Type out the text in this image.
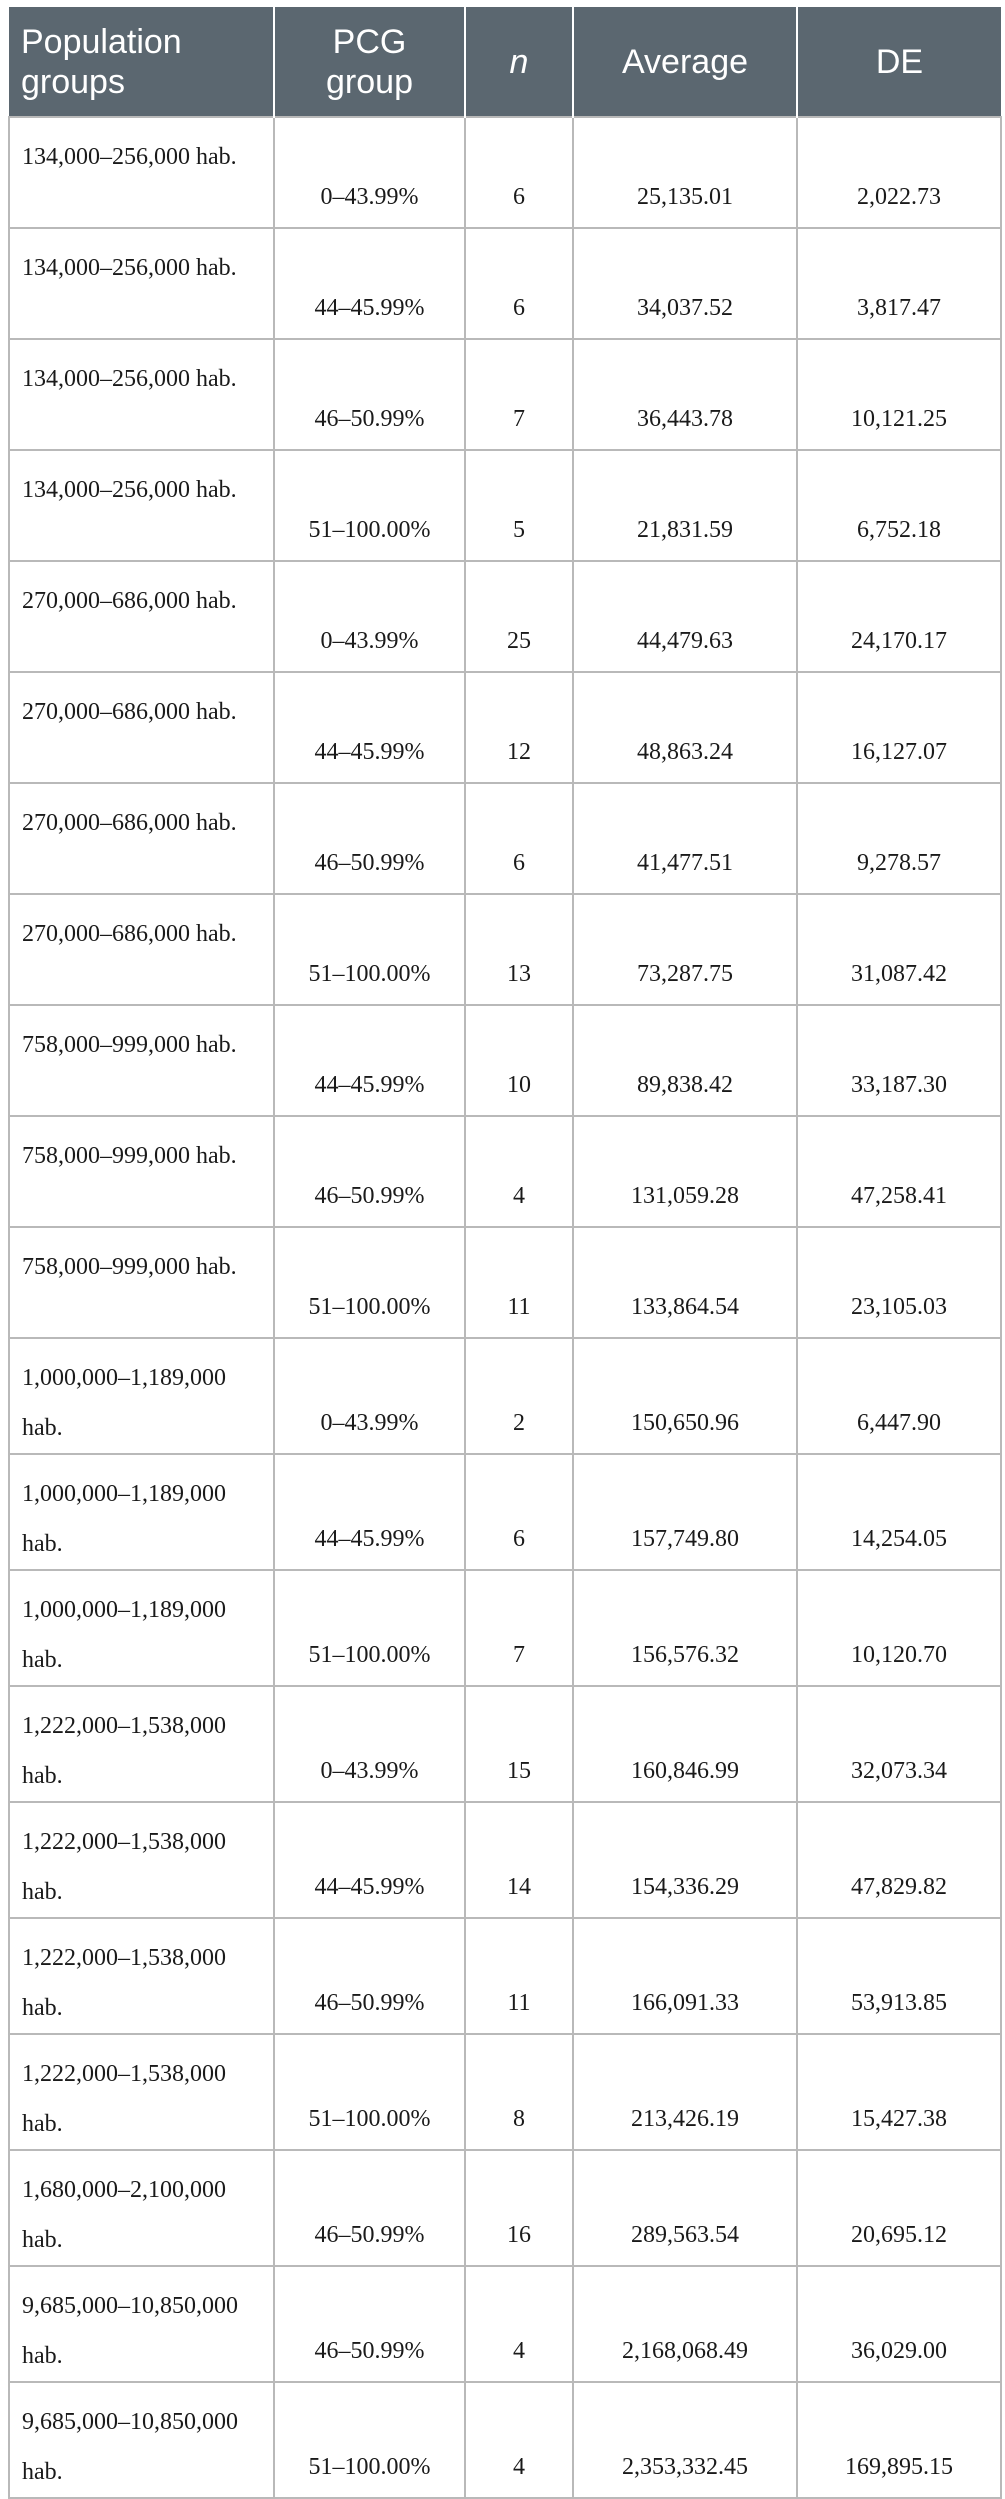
Population groups	PCG group	n	Average	DE
134,000–256,000 hab.	0–43.99%	6	25,135.01	2,022.73
134,000–256,000 hab.	44–45.99%	6	34,037.52	3,817.47
134,000–256,000 hab.	46–50.99%	7	36,443.78	10,121.25
134,000–256,000 hab.	51–100.00%	5	21,831.59	6,752.18
270,000–686,000 hab.	0–43.99%	25	44,479.63	24,170.17
270,000–686,000 hab.	44–45.99%	12	48,863.24	16,127.07
270,000–686,000 hab.	46–50.99%	6	41,477.51	9,278.57
270,000–686,000 hab.	51–100.00%	13	73,287.75	31,087.42
758,000–999,000 hab.	44–45.99%	10	89,838.42	33,187.30
758,000–999,000 hab.	46–50.99%	4	131,059.28	47,258.41
758,000–999,000 hab.	51–100.00%	11	133,864.54	23,105.03
1,000,000–1,189,000 hab.	0–43.99%	2	150,650.96	6,447.90
1,000,000–1,189,000 hab.	44–45.99%	6	157,749.80	14,254.05
1,000,000–1,189,000 hab.	51–100.00%	7	156,576.32	10,120.70
1,222,000–1,538,000 hab.	0–43.99%	15	160,846.99	32,073.34
1,222,000–1,538,000 hab.	44–45.99%	14	154,336.29	47,829.82
1,222,000–1,538,000 hab.	46–50.99%	11	166,091.33	53,913.85
1,222,000–1,538,000 hab.	51–100.00%	8	213,426.19	15,427.38
1,680,000–2,100,000 hab.	46–50.99%	16	289,563.54	20,695.12
9,685,000–10,850,000 hab.	46–50.99%	4	2,168,068.49	36,029.00
9,685,000–10,850,000 hab.	51–100.00%	4	2,353,332.45	169,895.15
